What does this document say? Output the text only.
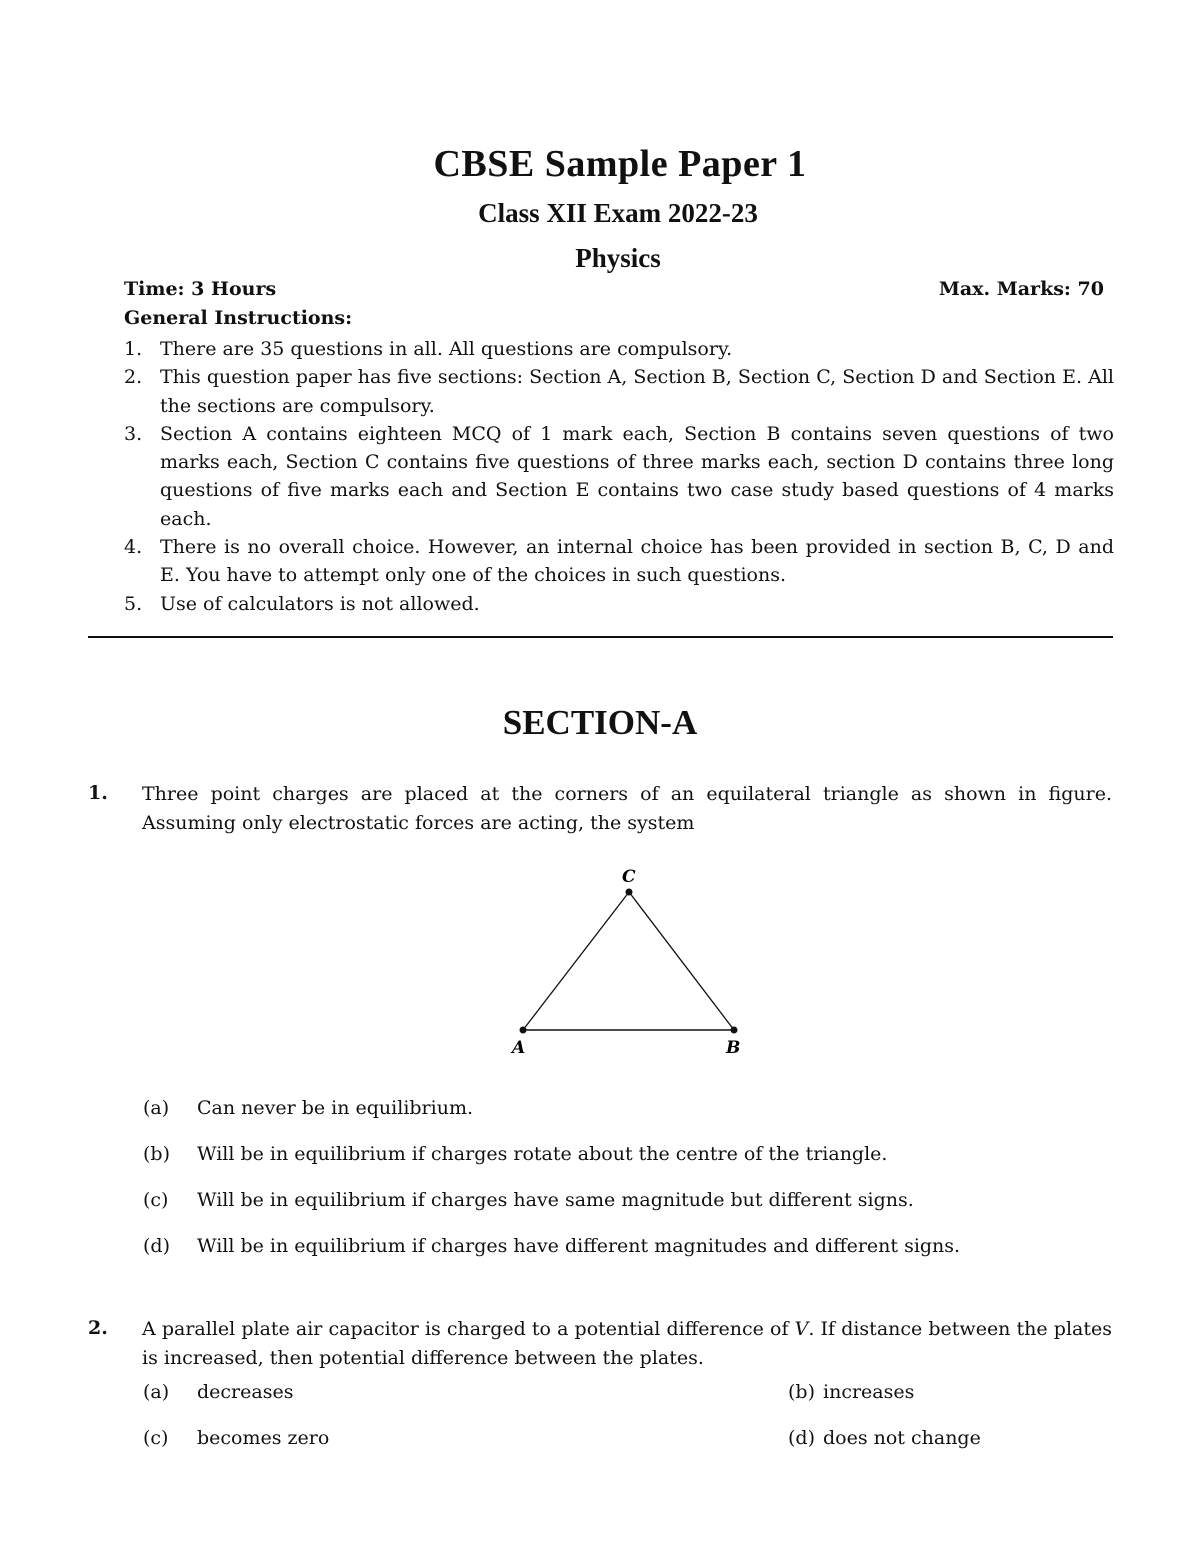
CBSE Sample Paper 1
Class XII Exam 2022-23
Physics
Time: 3 Hours	Max. Marks: 70
General Instructions:
1. There are 35 questions in all. All questions are compulsory.
2. This question paper has five sections: Section A, Section B, Section C, Section D and Section E. All the sections are compulsory.
3. Section A contains eighteen MCQ of 1 mark each, Section B contains seven questions of two marks each, Section C contains five questions of three marks each, section D contains three long questions of five marks each and Section E contains two case study based questions of 4 marks each.
4. There is no overall choice. However, an internal choice has been provided in section B, C, D and E. You have to attempt only one of the choices in such questions.
5. Use of calculators is not allowed.
SECTION-A
1. Three point charges are placed at the corners of an equilateral triangle as shown in figure. Assuming only electrostatic forces are acting, the system
A	B
C
(a) Can never be in equilibrium.
(b) Will be in equilibrium if charges rotate about the centre of the triangle.
(c) Will be in equilibrium if charges have same magnitude but different signs.
(d) Will be in equilibrium if charges have different magnitudes and different signs.
2. A parallel plate air capacitor is charged to a potential difference of V. If distance between the plates is increased, then potential difference between the plates.
(a) decreases	(b) increases
(c) becomes zero	(d) does not change
